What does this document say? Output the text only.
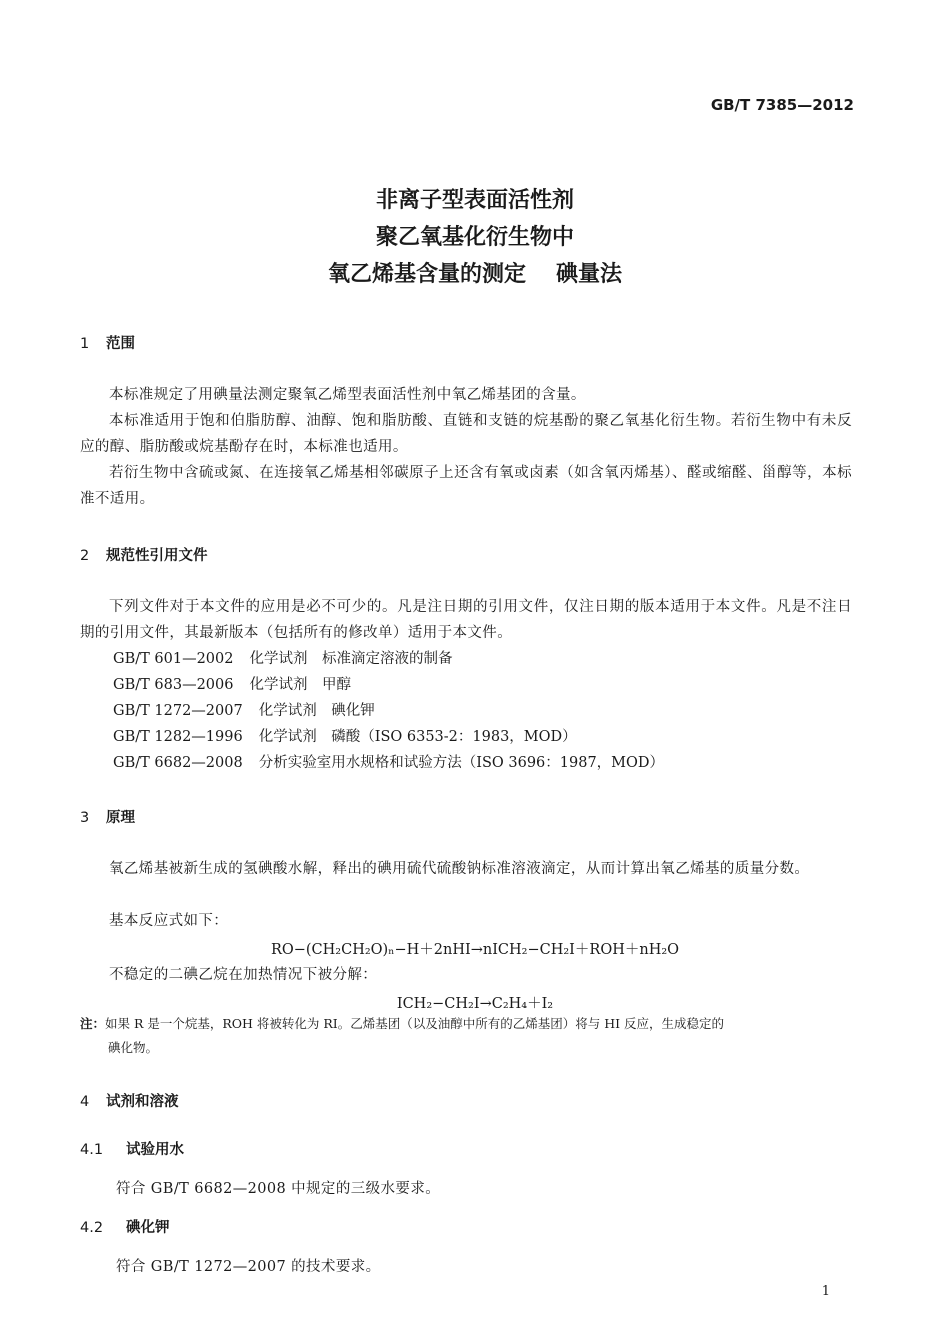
GB/T 7385—2012
非离子型表面活性剂
聚乙氧基化衍生物中
氧乙烯基含量的测定 碘量法
1 范围
本标准规定了用碘量法测定聚氧乙烯型表面活性剂中氧乙烯基团的含量。
本标准适用于饱和伯脂肪醇、油醇、饱和脂肪酸、直链和支链的烷基酚的聚乙氧基化衍生物。若衍生物中有未反应的醇、脂肪酸或烷基酚存在时，本标准也适用。
若衍生物中含硫或氮、在连接氧乙烯基相邻碳原子上还含有氧或卤素（如含氧丙烯基）、醛或缩醛、甾醇等，本标准不适用。
2 规范性引用文件
下列文件对于本文件的应用是必不可少的。凡是注日期的引用文件，仅注日期的版本适用于本文件。凡是不注日期的引用文件，其最新版本（包括所有的修改单）适用于本文件。
GB/T 601—2002 化学试剂　标准滴定溶液的制备
GB/T 683—2006 化学试剂　甲醇
GB/T 1272—2007 化学试剂　碘化钾
GB/T 1282—1996 化学试剂　磷酸（ISO 6353-2：1983，MOD）
GB/T 6682—2008 分析实验室用水规格和试验方法（ISO 3696：1987，MOD）
3 原理
氧乙烯基被新生成的氢碘酸水解，释出的碘用硫代硫酸钠标准溶液滴定，从而计算出氧乙烯基的质量分数。
基本反应式如下：
RO−(CH₂CH₂O)ₙ−H＋2nHI→nICH₂−CH₂I＋ROH＋nH₂O
不稳定的二碘乙烷在加热情况下被分解：
ICH₂−CH₂I→C₂H₄＋I₂
注：如果 R 是一个烷基，ROH 将被转化为 RI。乙烯基团（以及油醇中所有的乙烯基团）将与 HI 反应，生成稳定的
碘化物。
4 试剂和溶液
4.1 试验用水
符合 GB/T 6682—2008 中规定的三级水要求。
4.2 碘化钾
符合 GB/T 1272—2007 的技术要求。
1
